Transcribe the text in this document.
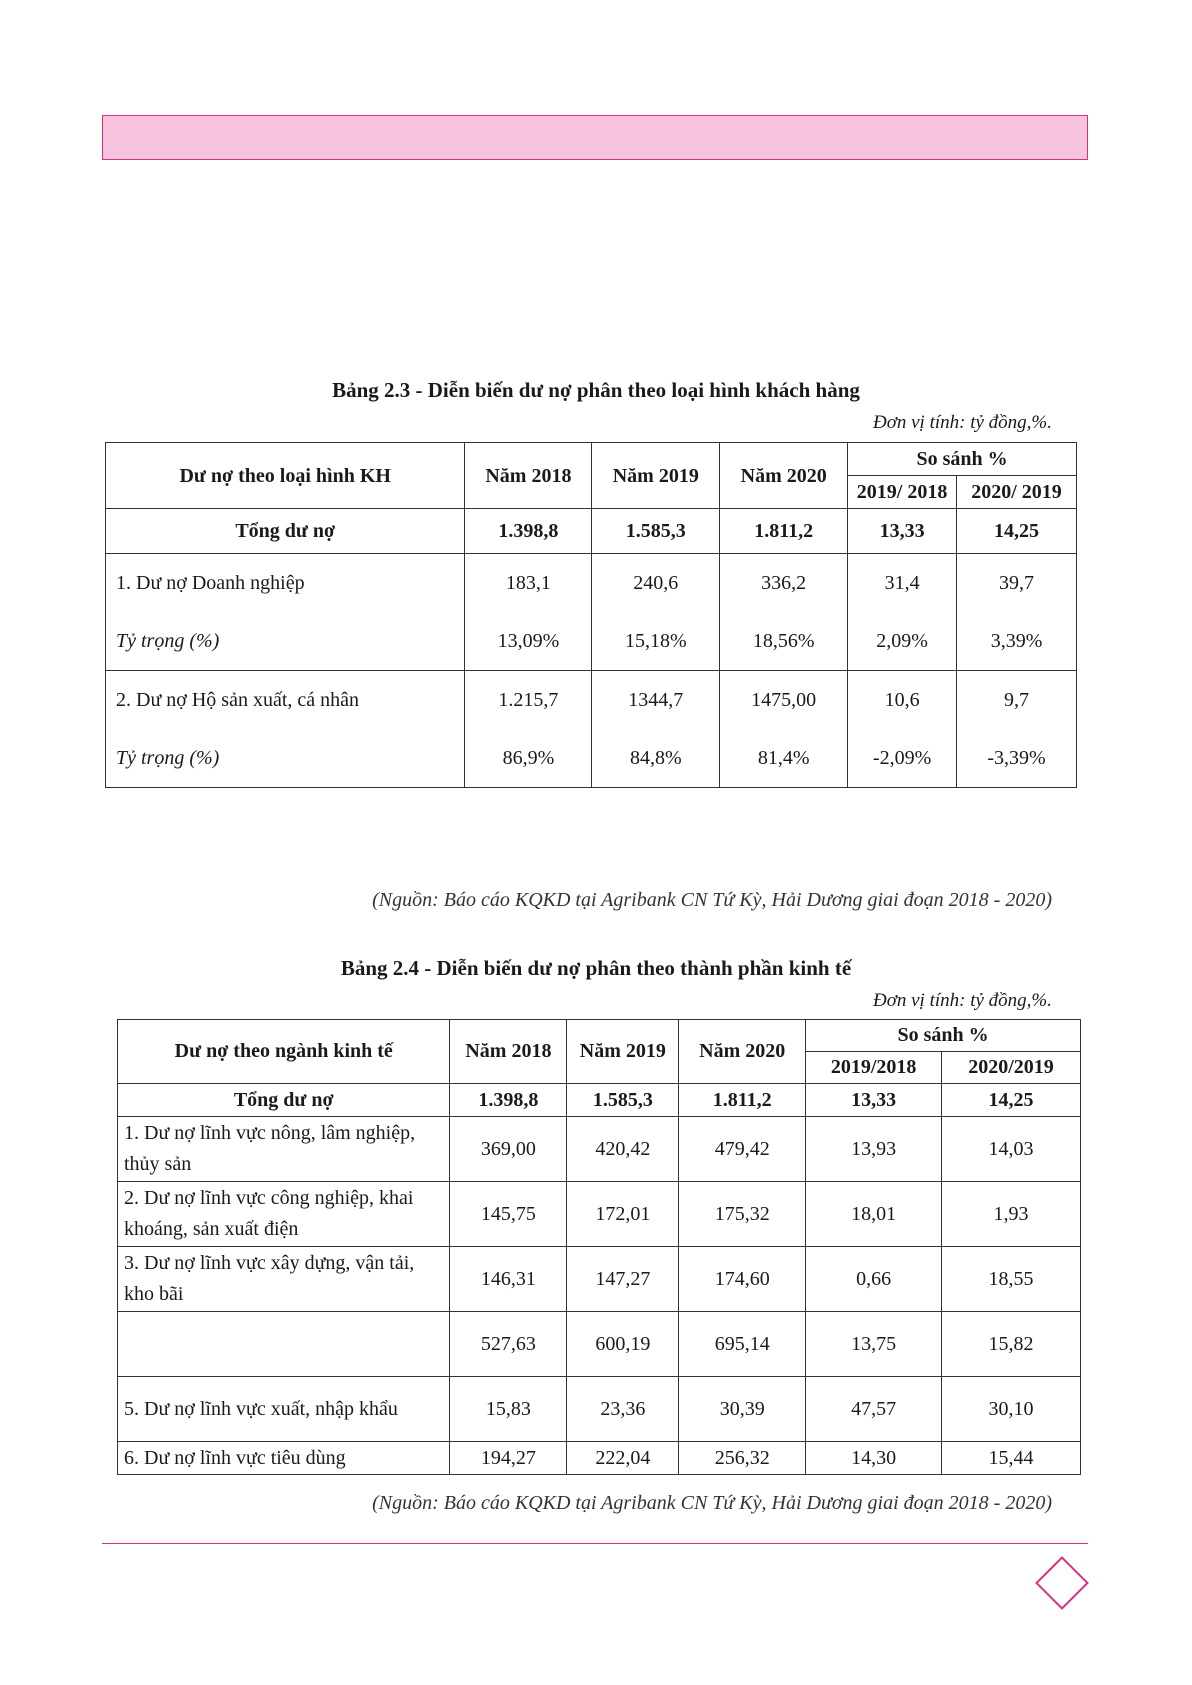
Bảng 2.3 - Diễn biến dư nợ phân theo loại hình khách hàng
Đơn vị tính: tỷ đồng,%.
Dư nợ theo loại hình KH	Năm 2018	Năm 2019	Năm 2020	So sánh %	
				2019/ 2018	2020/ 2019
Tổng dư nợ	1.398,8	1.585,3	1.811,2	13,33	14,25
1. Dư nợ Doanh nghiệp	183,1	240,6	336,2	31,4	39,7
Tỷ trọng (%)	13,09%	15,18%	18,56%	2,09%	3,39%
2. Dư nợ Hộ sản xuất, cá nhân	1.215,7	1344,7	1475,00	10,6	9,7
Tỷ trọng (%)	86,9%	84,8%	81,4%	-2,09%	-3,39%
(Nguồn: Báo cáo KQKD tại Agribank CN Tứ Kỳ, Hải Dương giai đoạn 2018 - 2020)
Bảng 2.4 - Diễn biến dư nợ phân theo thành phần kinh tế
Đơn vị tính: tỷ đồng,%.
Dư nợ theo ngành kinh tế	Năm 2018	Năm 2019	Năm 2020	So sánh %	
				2019/2018	2020/2019
Tổng dư nợ	1.398,8	1.585,3	1.811,2	13,33	14,25
1. Dư nợ lĩnh vực nông, lâm nghiệp, thủy sản	369,00	420,42	479,42	13,93	14,03
2. Dư nợ lĩnh vực công nghiệp, khai khoáng, sản xuất điện	145,75	172,01	175,32	18,01	1,93
3. Dư nợ lĩnh vực xây dựng, vận tải, kho bãi	146,31	147,27	174,60	0,66	18,55
	527,63	600,19	695,14	13,75	15,82
5. Dư nợ lĩnh vực xuất, nhập khẩu	15,83	23,36	30,39	47,57	30,10
6. Dư nợ lĩnh vực tiêu dùng	194,27	222,04	256,32	14,30	15,44
(Nguồn: Báo cáo KQKD tại Agribank CN Tứ Kỳ, Hải Dương giai đoạn 2018 - 2020)
